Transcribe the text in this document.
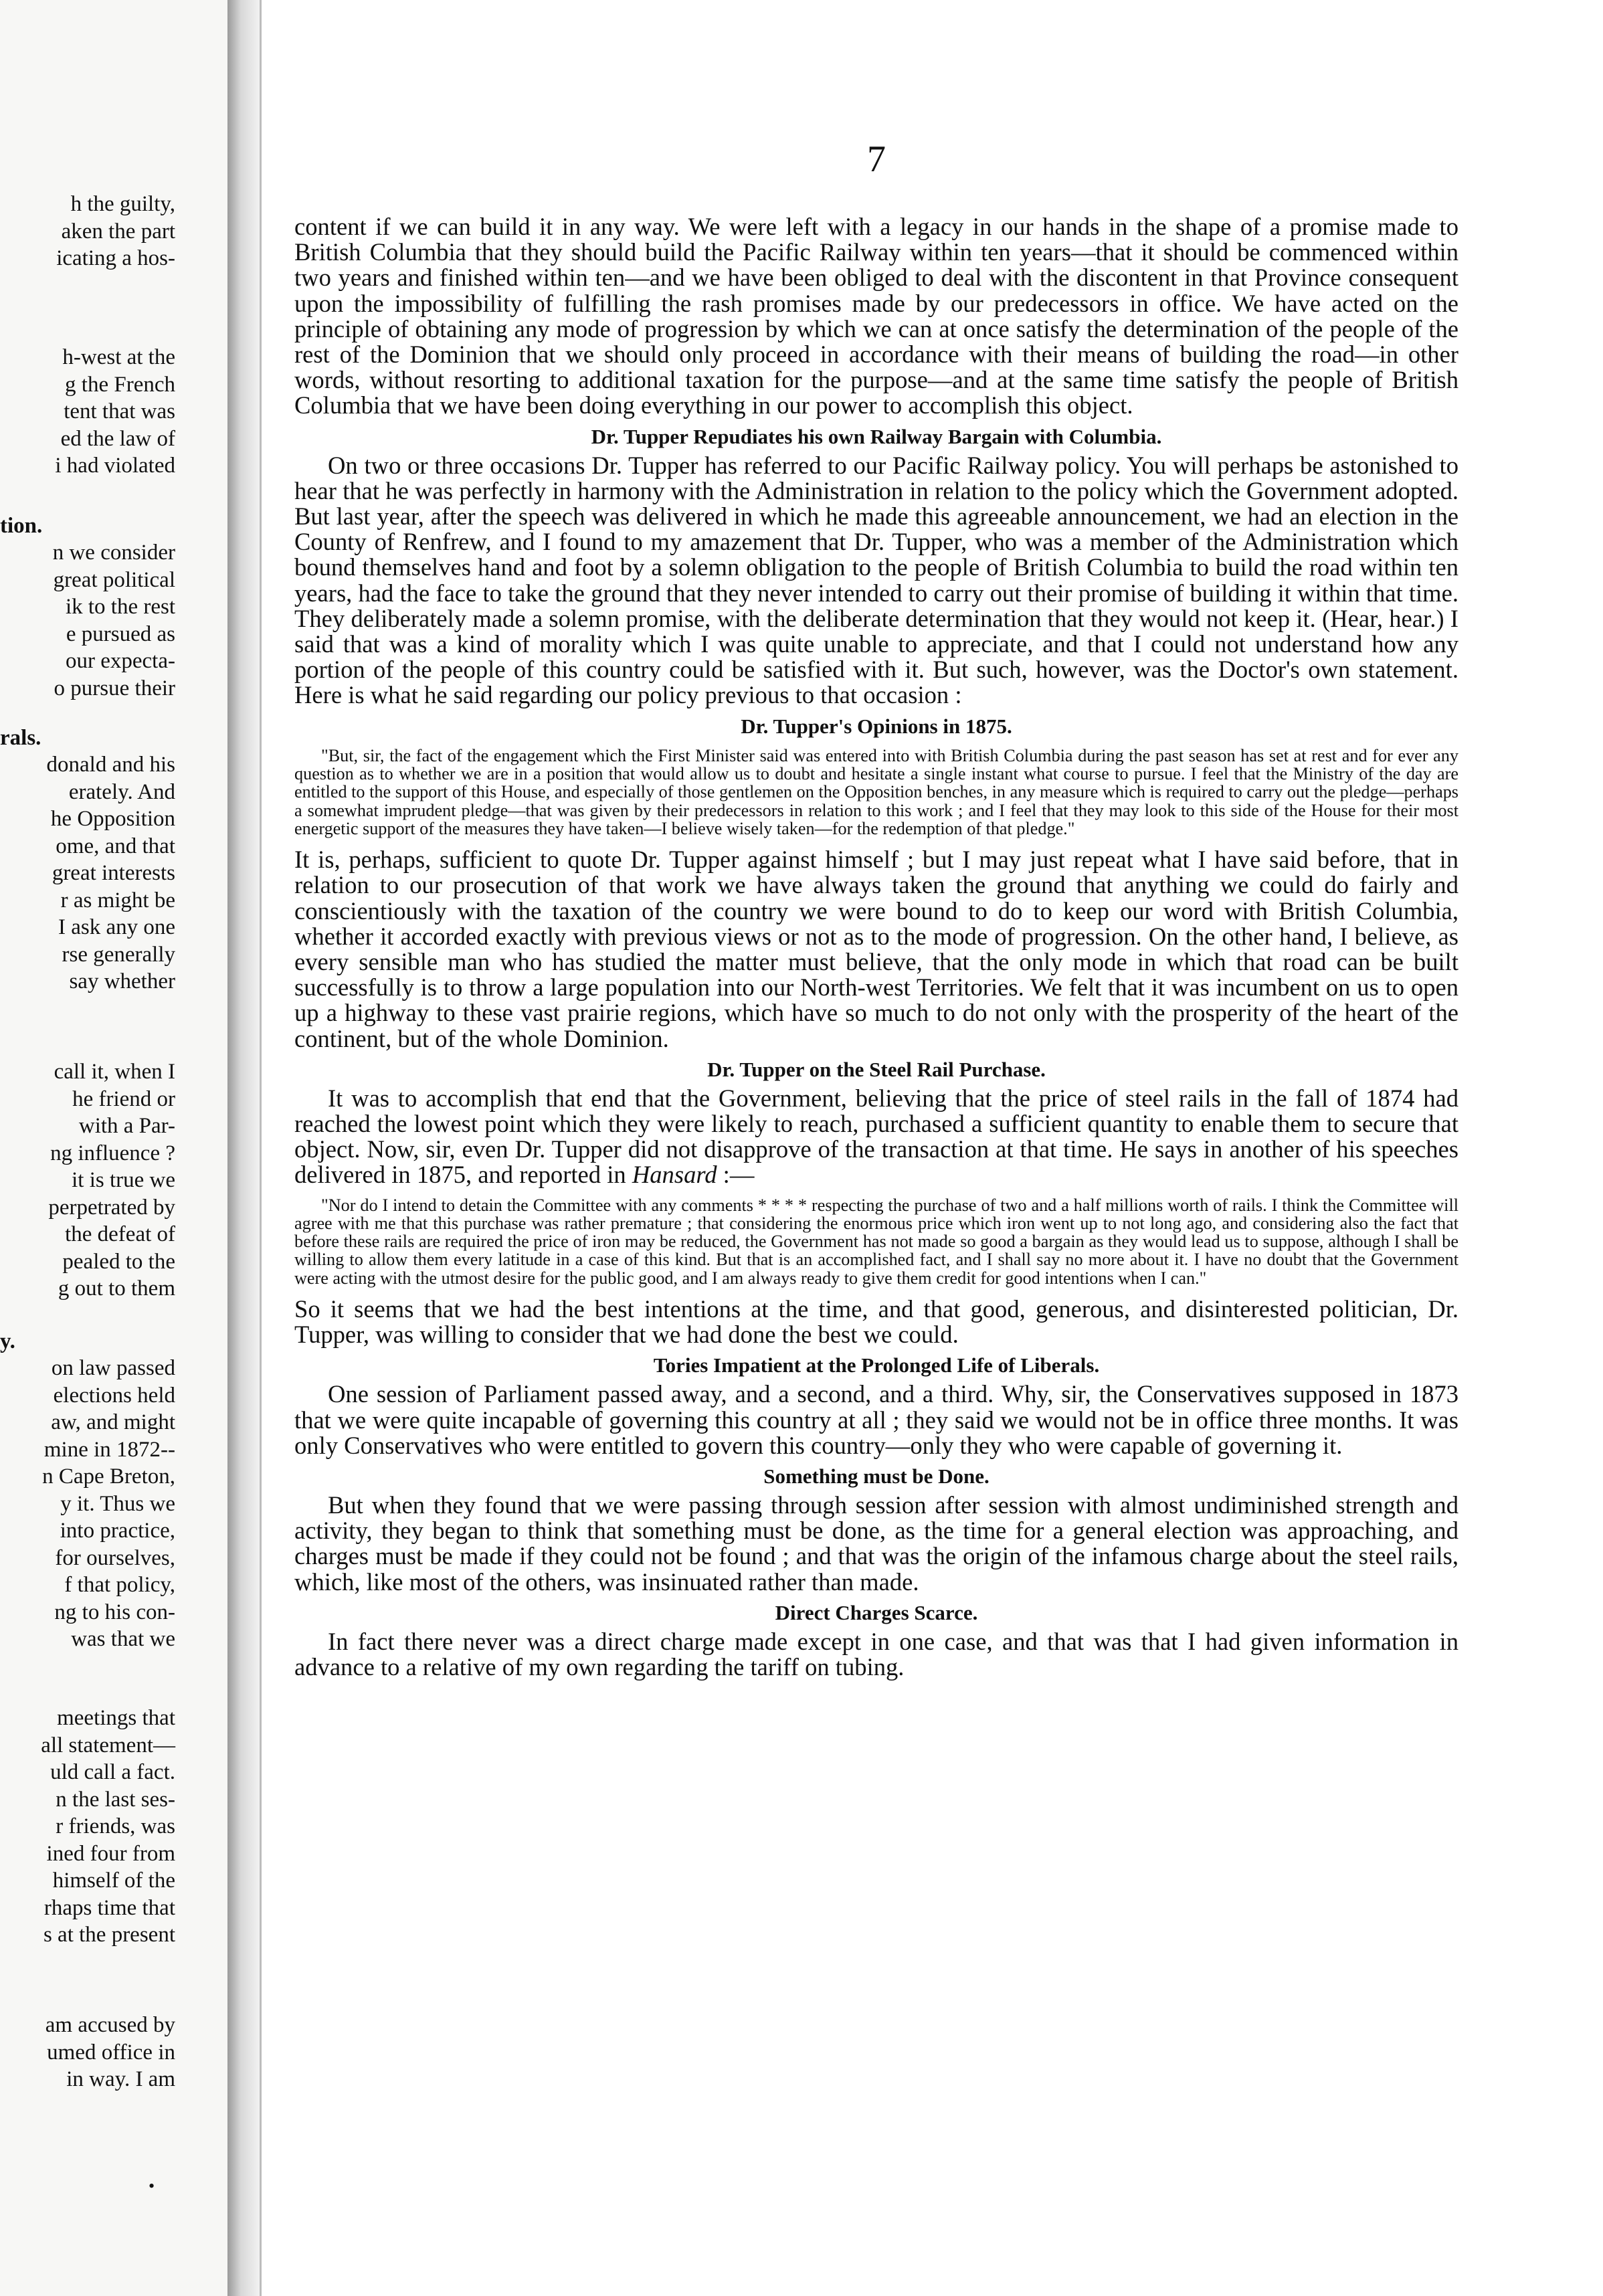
h the guilty,
aken the part
icating a hos-
h-west at the
g the French
tent that was
ed the law of
i had violated
tion.
n we consider
great political
ik to the rest
e pursued as
our expecta-
o pursue their
rals.
donald and his
erately. And
he Opposition
ome, and that
great interests
r as might be
I ask any one
rse generally
say whether
call it, when I
he friend or
with a Par-
ng influence ?
it is true we
perpetrated by
the defeat of
pealed to the
g out to them
y.
on law passed
elections held
aw, and might
mine in 1872--
n Cape Breton,
y it. Thus we
into practice,
for ourselves,
f that policy,
ng to his con-
was that we
meetings that
all statement—
uld call a fact.
n the last ses-
r friends, was
ined four from
himself of the
rhaps time that
s at the present
am accused by
umed office in
in way. I am
•
7

content if we can build it in any way. We were left with a legacy in our hands in the shape of a promise made to British Columbia that they should build the Pacific Railway within ten years—that it should be commenced within two years and finished within ten—and we have been obliged to deal with the discontent in that Province consequent upon the impossibility of fulfilling the rash promises made by our predecessors in office. We have acted on the principle of obtaining any mode of progression by which we can at once satisfy the determination of the people of the rest of the Dominion that we should only proceed in accordance with their means of building the road—in other words, without resorting to additional taxation for the purpose—and at the same time satisfy the people of British Columbia that we have been doing everything in our power to accomplish this object.

Dr. Tupper Repudiates his own Railway Bargain with Columbia.

On two or three occasions Dr. Tupper has referred to our Pacific Railway policy. You will perhaps be astonished to hear that he was perfectly in harmony with the Administration in relation to the policy which the Government adopted. But last year, after the speech was delivered in which he made this agreeable announcement, we had an election in the County of Renfrew, and I found to my amazement that Dr. Tupper, who was a member of the Administration which bound themselves hand and foot by a solemn obligation to the people of British Columbia to build the road within ten years, had the face to take the ground that they never intended to carry out their promise of building it within that time. They deliberately made a solemn promise, with the deliberate determination that they would not keep it. (Hear, hear.) I said that was a kind of morality which I was quite unable to appreciate, and that I could not understand how any portion of the people of this country could be satisfied with it. But such, however, was the Doctor's own statement. Here is what he said regarding our policy previous to that occasion :

Dr. Tupper's Opinions in 1875.

"But, sir, the fact of the engagement which the First Minister said was entered into with British Columbia during the past season has set at rest and for ever any question as to whether we are in a position that would allow us to doubt and hesitate a single instant what course to pursue. I feel that the Ministry of the day are entitled to the support of this House, and especially of those gentlemen on the Opposition benches, in any measure which is required to carry out the pledge—perhaps a somewhat imprudent pledge—that was given by their predecessors in relation to this work ; and I feel that they may look to this side of the House for their most energetic support of the measures they have taken—I believe wisely taken—for the redemption of that pledge."

It is, perhaps, sufficient to quote Dr. Tupper against himself ; but I may just repeat what I have said before, that in relation to our prosecution of that work we have always taken the ground that anything we could do fairly and conscientiously with the taxation of the country we were bound to do to keep our word with British Columbia, whether it accorded exactly with previous views or not as to the mode of progression. On the other hand, I believe, as every sensible man who has studied the matter must believe, that the only mode in which that road can be built successfully is to throw a large population into our North-west Territories. We felt that it was incumbent on us to open up a highway to these vast prairie regions, which have so much to do not only with the prosperity of the heart of the continent, but of the whole Dominion.

Dr. Tupper on the Steel Rail Purchase.

It was to accomplish that end that the Government, believing that the price of steel rails in the fall of 1874 had reached the lowest point which they were likely to reach, purchased a sufficient quantity to enable them to secure that object. Now, sir, even Dr. Tupper did not disapprove of the transaction at that time. He says in another of his speeches delivered in 1875, and reported in Hansard :—

"Nor do I intend to detain the Committee with any comments * * * * respecting the purchase of two and a half millions worth of rails. I think the Committee will agree with me that this purchase was rather premature ; that considering the enormous price which iron went up to not long ago, and considering also the fact that before these rails are required the price of iron may be reduced, the Government has not made so good a bargain as they would lead us to suppose, although I shall be willing to allow them every latitude in a case of this kind. But that is an accomplished fact, and I shall say no more about it. I have no doubt that the Government were acting with the utmost desire for the public good, and I am always ready to give them credit for good intentions when I can."

So it seems that we had the best intentions at the time, and that good, generous, and disinterested politician, Dr. Tupper, was willing to consider that we had done the best we could.

Tories Impatient at the Prolonged Life of Liberals.

One session of Parliament passed away, and a second, and a third. Why, sir, the Conservatives supposed in 1873 that we were quite incapable of governing this country at all ; they said we would not be in office three months. It was only Conservatives who were entitled to govern this country—only they who were capable of governing it.

Something must be Done.

But when they found that we were passing through session after session with almost undiminished strength and activity, they began to think that something must be done, as the time for a general election was approaching, and charges must be made if they could not be found ; and that was the origin of the infamous charge about the steel rails, which, like most of the others, was insinuated rather than made.

Direct Charges Scarce.

In fact there never was a direct charge made except in one case, and that was that I had given information in advance to a relative of my own regarding the tariff on tubing.
